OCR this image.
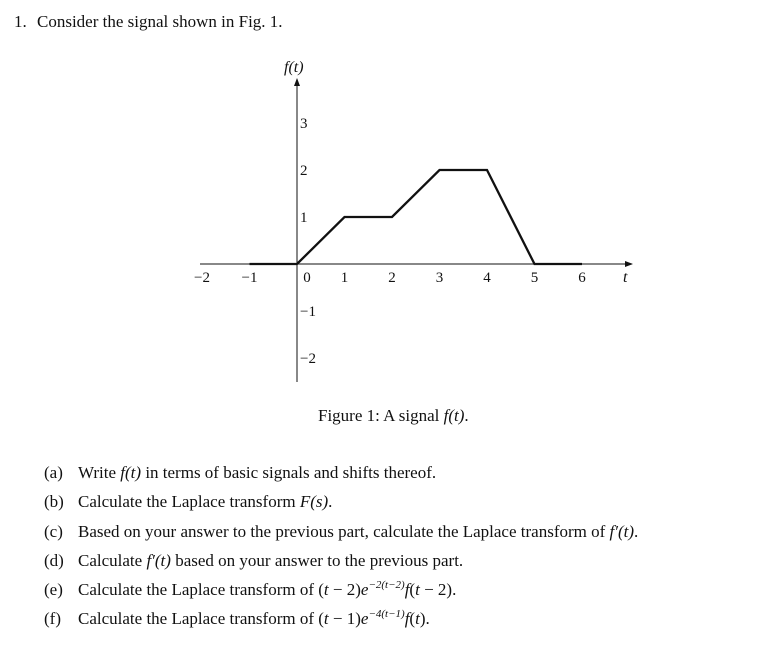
1. Consider the signal shown in Fig. 1.
−2 −1	0 1	2	3	4	5	6
3
2
1
−1
−2
f(t)
t
Figure 1: A signal f(t).
(a) Write f(t) in terms of basic signals and shifts thereof.
(b) Calculate the Laplace transform F(s).
(c) Based on your answer to the previous part, calculate the Laplace transform of f′(t).
(d) Calculate f′(t) based on your answer to the previous part.
(e) Calculate the Laplace transform of $(t - 2)e^{-2(t-2)}f(t - 2)$.
(f) Calculate the Laplace transform of $(t - 1)e^{-4(t-1)}f(t)$.
